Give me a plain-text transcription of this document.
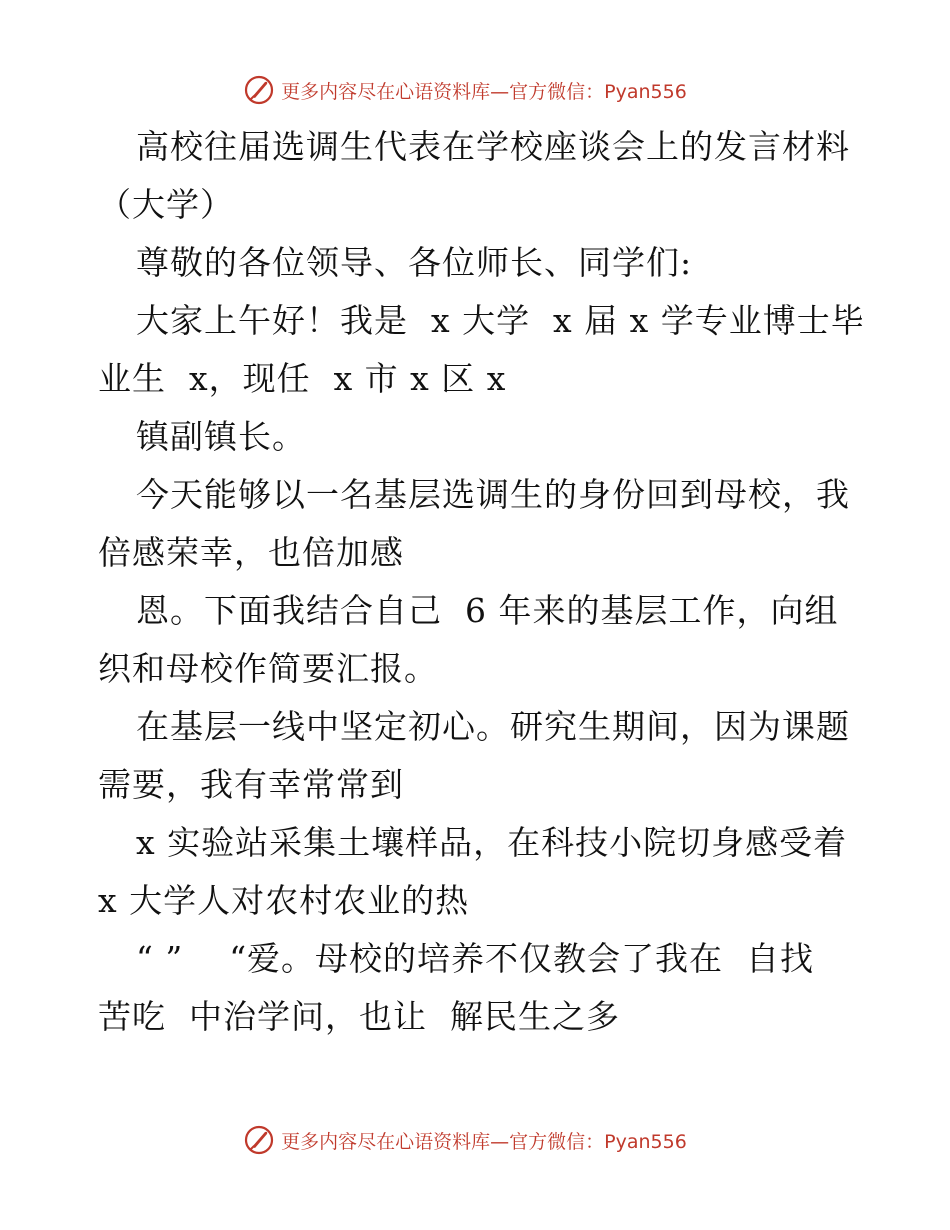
更多内容尽在心语资料库—官方微信：Pyan556
高校往届选调生代表在学校座谈会上的发言材料
（大学）
尊敬的各位领导、各位师长、同学们:
大家上午好！我是  x 大学  x 届 x 学专业博士毕
业生  x，现任  x 市 x 区 x
镇副镇长。
今天能够以一名基层选调生的身份回到母校，我
倍感荣幸，也倍加感
恩。下面我结合自己  6 年来的基层工作，向组
织和母校作简要汇报。
在基层一线中坚定初心。研究生期间，因为课题
需要，我有幸常常到
x 实验站采集土壤样品，在科技小院切身感受着
x 大学人对农村农业的热
“ ”    “爱。母校的培养不仅教会了我在  自找
苦吃  中治学问，也让  解民生之多
更多内容尽在心语资料库—官方微信：Pyan556
